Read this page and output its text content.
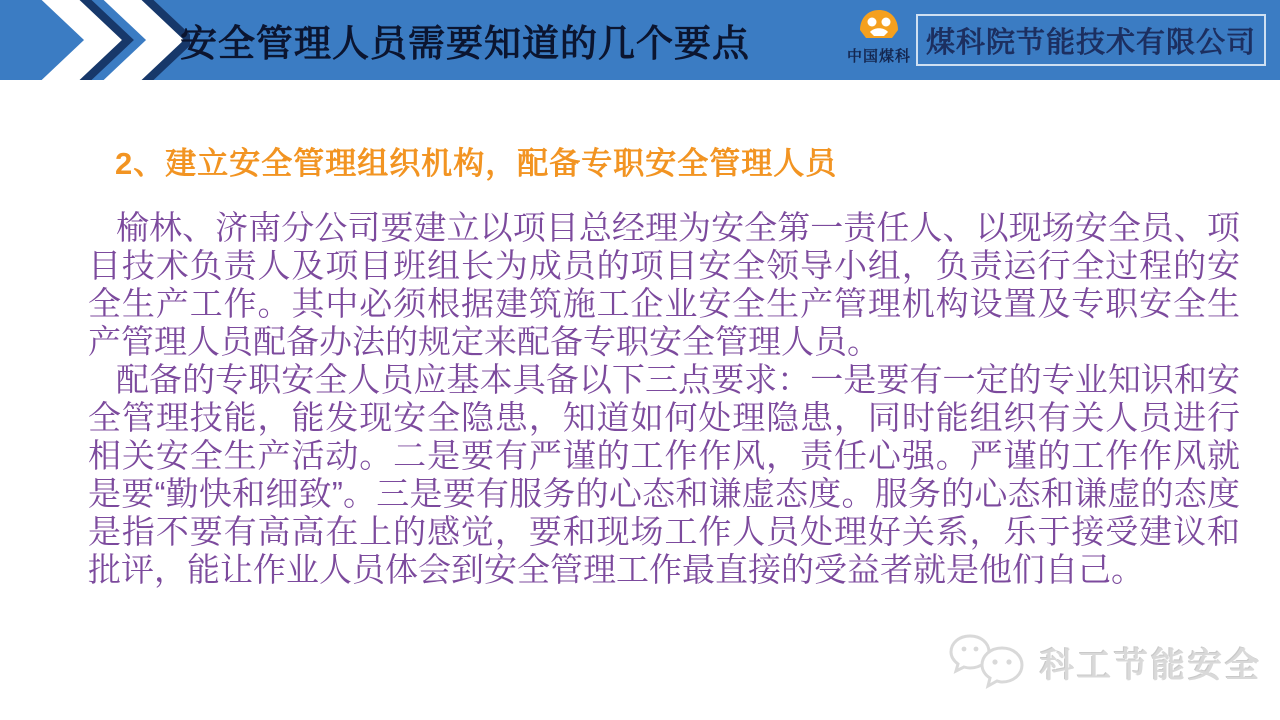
安全管理人员需要知道的几个要点	中国煤科 煤科院节能技术有限公司
2、建立安全管理组织机构，配备专职安全管理人员

榆林、济南分公司要建立以项目总经理为安全第一责任人、以现场安全员、项目技术负责人及项目班组长为成员的项目安全领导小组，负责运行全过程的安全生产工作。其中必须根据建筑施工企业安全生产管理机构设置及专职安全生产管理人员配备办法的规定来配备专职安全管理人员。

配备的专职安全人员应基本具备以下三点要求：一是要有一定的专业知识和安全管理技能，能发现安全隐患，知道如何处理隐患，同时能组织有关人员进行相关安全生产活动。二是要有严谨的工作作风，责任心强。严谨的工作作风就是要“勤快和细致”。三是要有服务的心态和谦虚态度。服务的心态和谦虚的态度是指不要有高高在上的感觉，要和现场工作人员处理好关系，乐于接受建议和批评，能让作业人员体会到安全管理工作最直接的受益者就是他们自己。

科工节能安全
